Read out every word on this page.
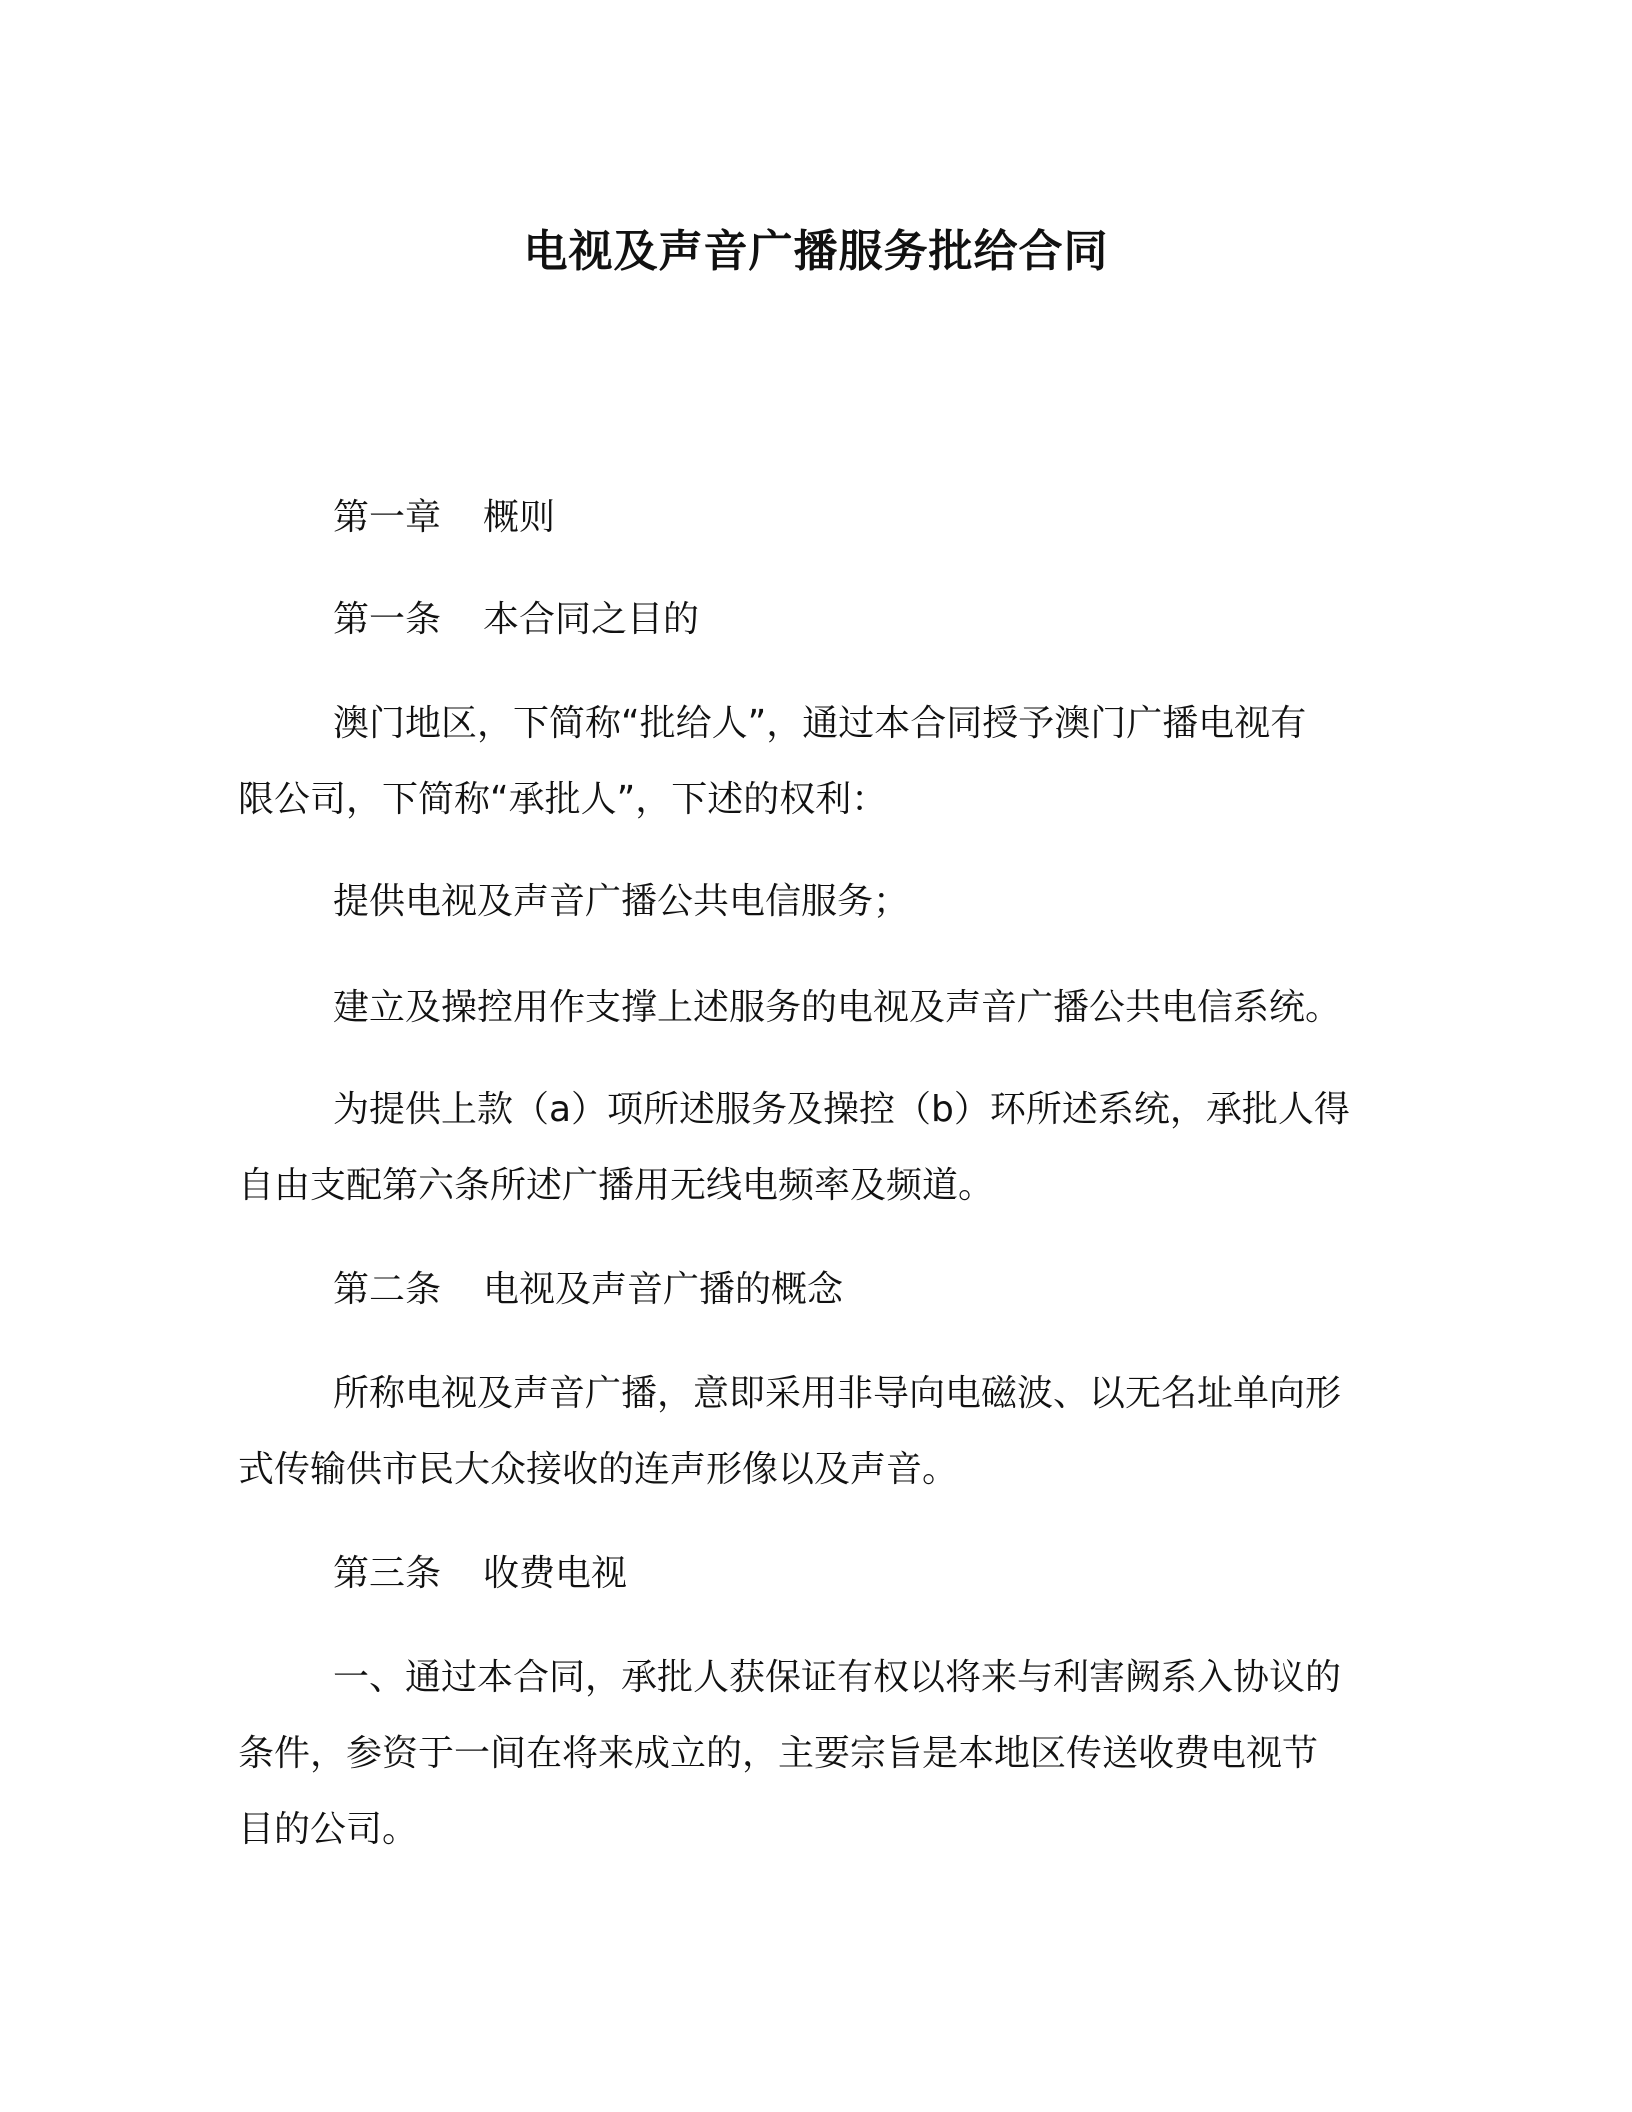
电视及声音广播服务批给合同
第一章 概则
第一条 本合同之目的
澳门地区，下简称“批给人”，通过本合同授予澳门广播电视有
限公司，下简称“承批人”，下述的权利：
提供电视及声音广播公共电信服务；
建立及操控用作支撑上述服务的电视及声音广播公共电信系统。
为提供上款（a）项所述服务及操控（b）环所述系统，承批人得
自由支配第六条所述广播用无线电频率及频道。
第二条 电视及声音广播的概念
所称电视及声音广播，意即采用非导向电磁波、以无名址单向形
式传输供市民大众接收的连声形像以及声音。
第三条 收费电视
一、通过本合同，承批人获保证有权以将来与利害阙系入协议的
条件，参资于一间在将来成立的，主要宗旨是本地区传送收费电视节
目的公司。
